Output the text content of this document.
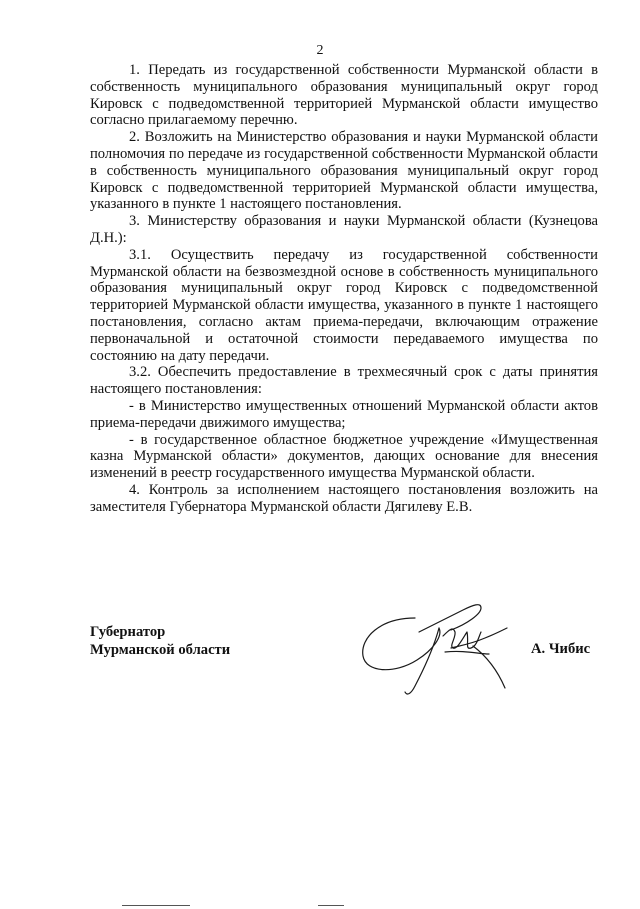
2

1. Передать из государственной собственности Мурманской области в собственность муниципального образования муниципальный округ город Кировск с подведомственной территорией Мурманской области имущество согласно прилагаемому перечню.

2. Возложить на Министерство образования и науки Мурманской области полномочия по передаче из государственной собственности Мурманской области в собственность муниципального образования муниципальный округ город Кировск с подведомственной территорией Мурманской области имущества, указанного в пункте 1 настоящего постановления.

3. Министерству образования и науки Мурманской области (Кузнецова Д.Н.):

3.1. Осуществить передачу из государственной собственности Мурманской области на безвозмездной основе в собственность муниципального образования муниципальный округ город Кировск с подведомственной территорией Мурманской области имущества, указанного в пункте 1 настоящего постановления, согласно актам приема-передачи, включающим отражение первоначальной и остаточной стоимости передаваемого имущества по состоянию на дату передачи.

3.2. Обеспечить предоставление в трехмесячный срок с даты принятия настоящего постановления:

- в Министерство имущественных отношений Мурманской области актов приема-передачи движимого имущества;

- в государственное областное бюджетное учреждение «Имущественная казна Мурманской области» документов, дающих основание для внесения изменений в реестр государственного имущества Мурманской области.

4. Контроль за исполнением настоящего постановления возложить на заместителя Губернатора Мурманской области Дягилеву Е.В.

Губернатор
Мурманской области	А. Чибис
